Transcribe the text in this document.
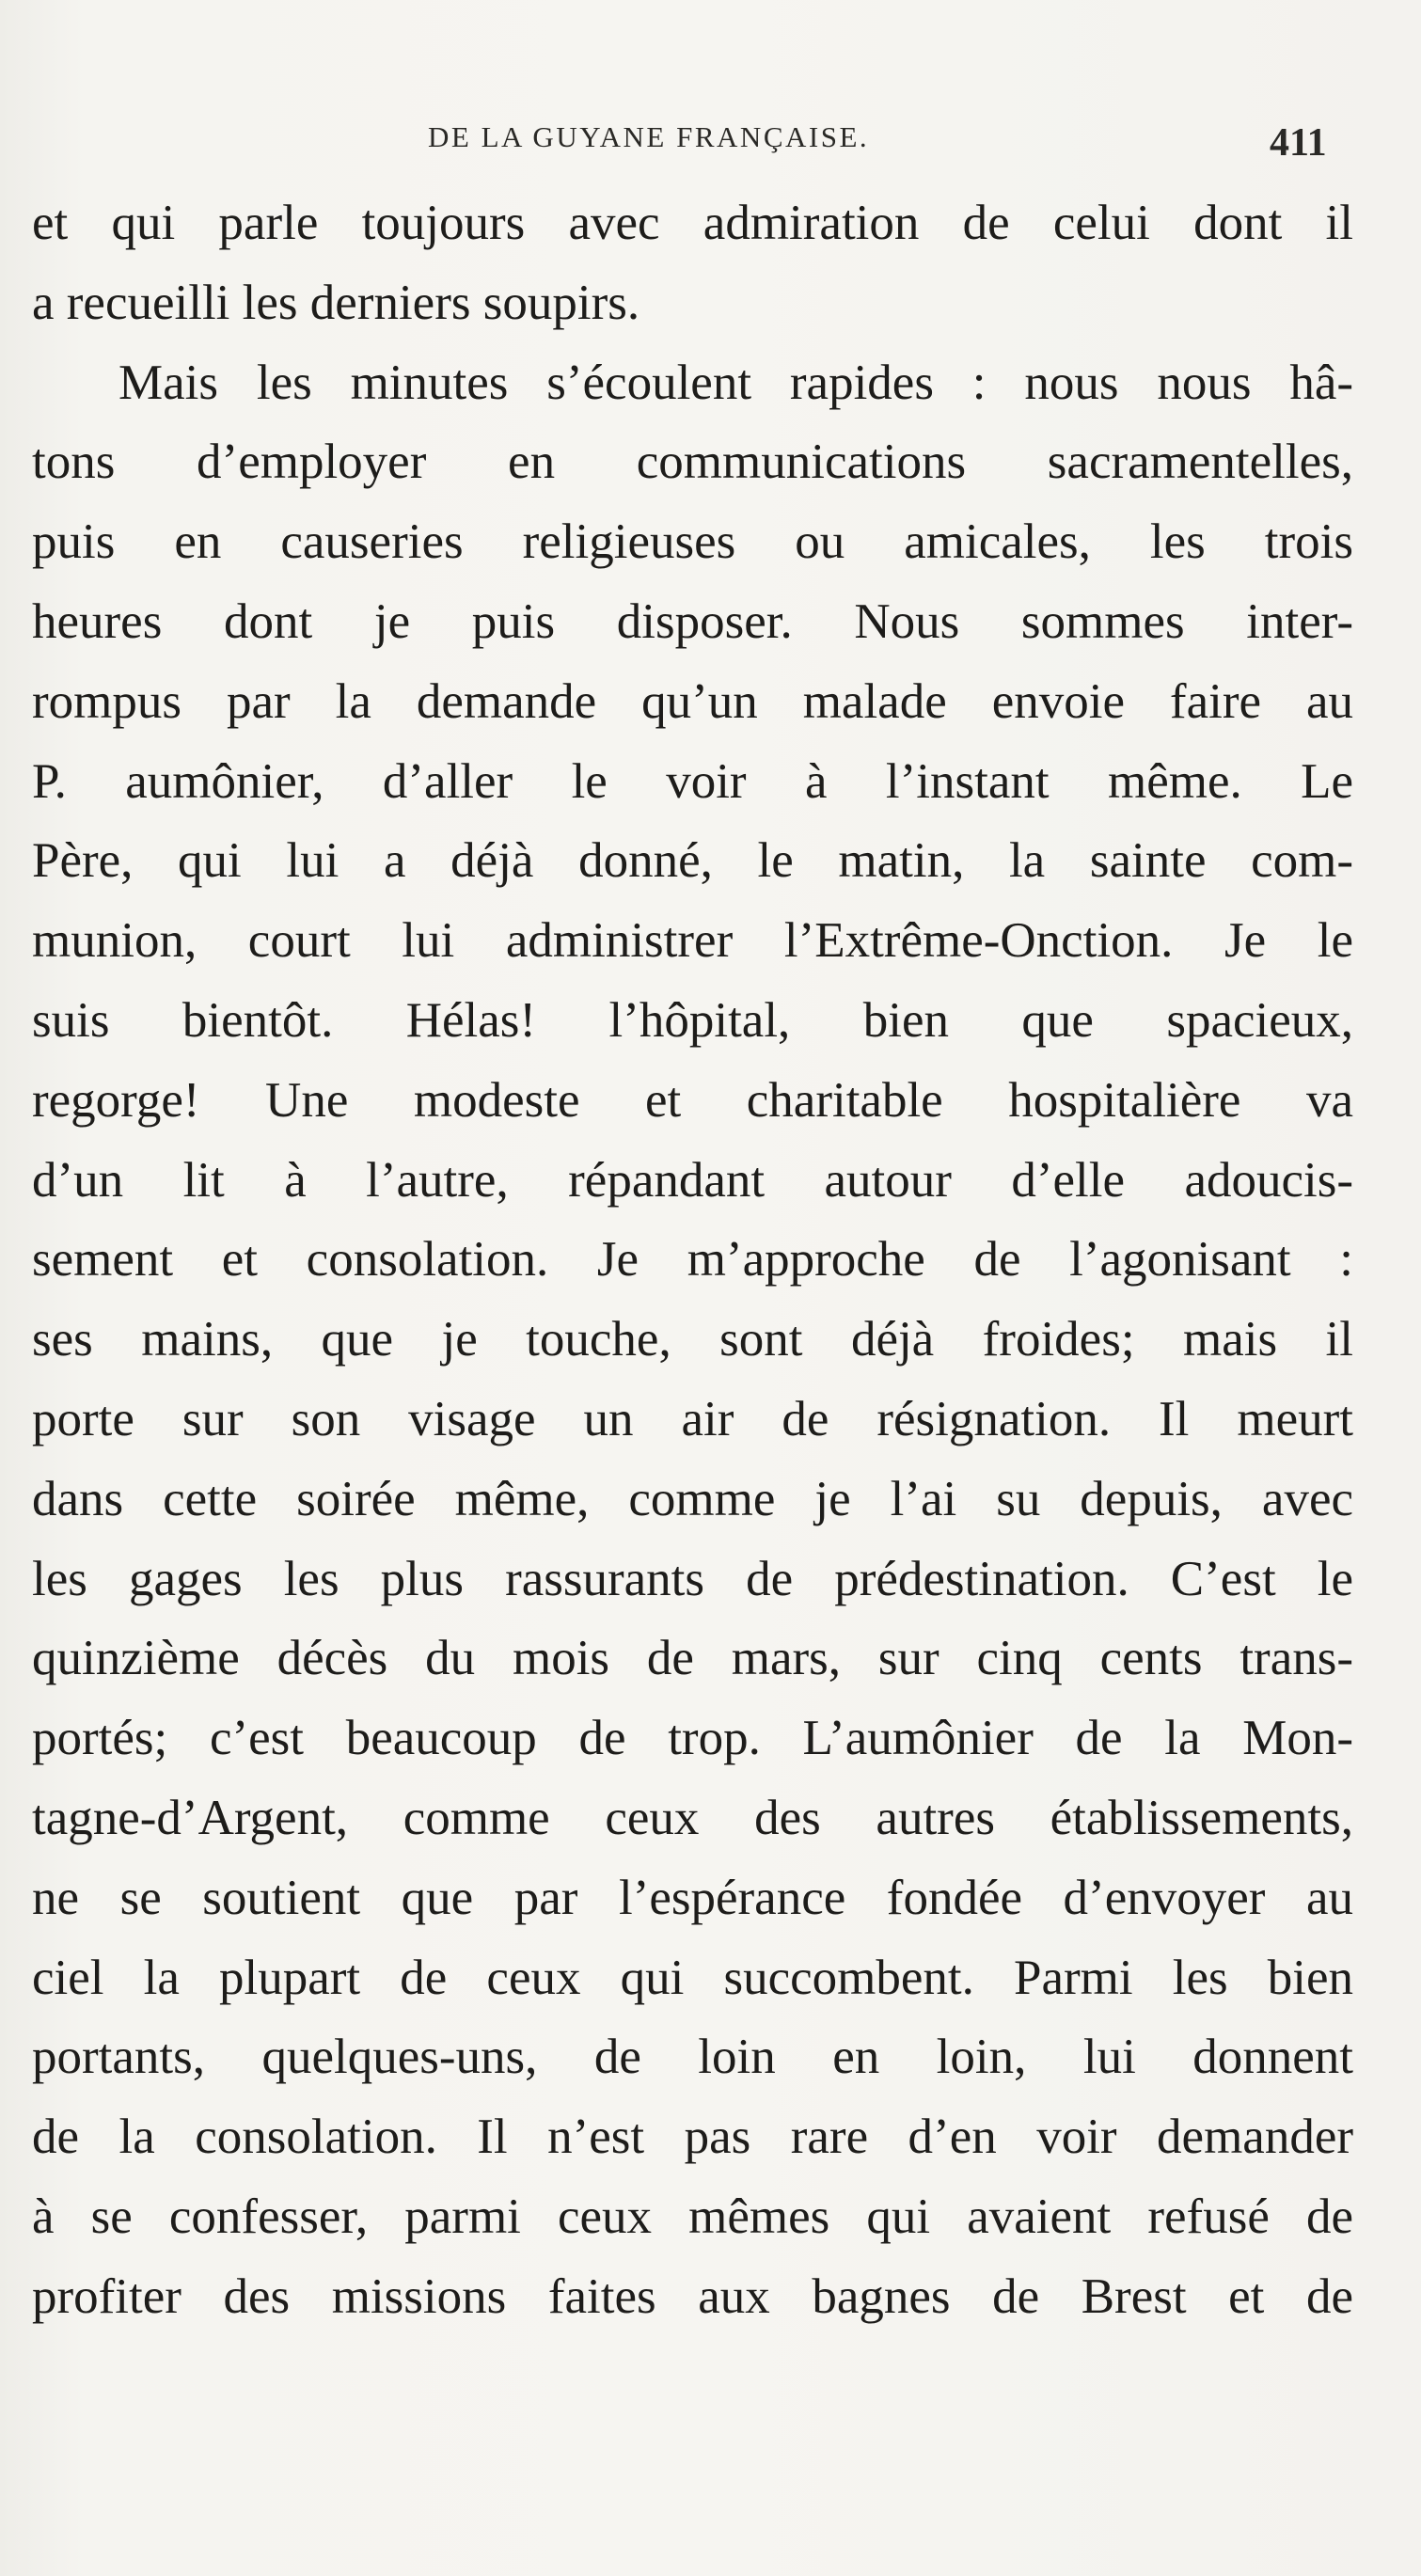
DE LA GUYANE FRANÇAISE.	411
et qui parle toujours avec admiration de celui dont il
a recueilli les derniers soupirs.
Mais les minutes s’écoulent rapides : nous nous hâ-
tons d’employer en communications sacramentelles,
puis en causeries religieuses ou amicales, les trois
heures dont je puis disposer. Nous sommes inter-
rompus par la demande qu’un malade envoie faire au
P. aumônier, d’aller le voir à l’instant même. Le
Père, qui lui a déjà donné, le matin, la sainte com-
munion, court lui administrer l’Extrême-Onction. Je le
suis bientôt. Hélas! l’hôpital, bien que spacieux,
regorge! Une modeste et charitable hospitalière va
d’un lit à l’autre, répandant autour d’elle adoucis-
sement et consolation. Je m’approche de l’agonisant :
ses mains, que je touche, sont déjà froides; mais il
porte sur son visage un air de résignation. Il meurt
dans cette soirée même, comme je l’ai su depuis, avec
les gages les plus rassurants de prédestination. C’est le
quinzième décès du mois de mars, sur cinq cents trans-
portés; c’est beaucoup de trop. L’aumônier de la Mon-
tagne-d’Argent, comme ceux des autres établissements,
ne se soutient que par l’espérance fondée d’envoyer au
ciel la plupart de ceux qui succombent. Parmi les bien
portants, quelques-uns, de loin en loin, lui donnent
de la consolation. Il n’est pas rare d’en voir demander
à se confesser, parmi ceux mêmes qui avaient refusé de
profiter des missions faites aux bagnes de Brest et de
